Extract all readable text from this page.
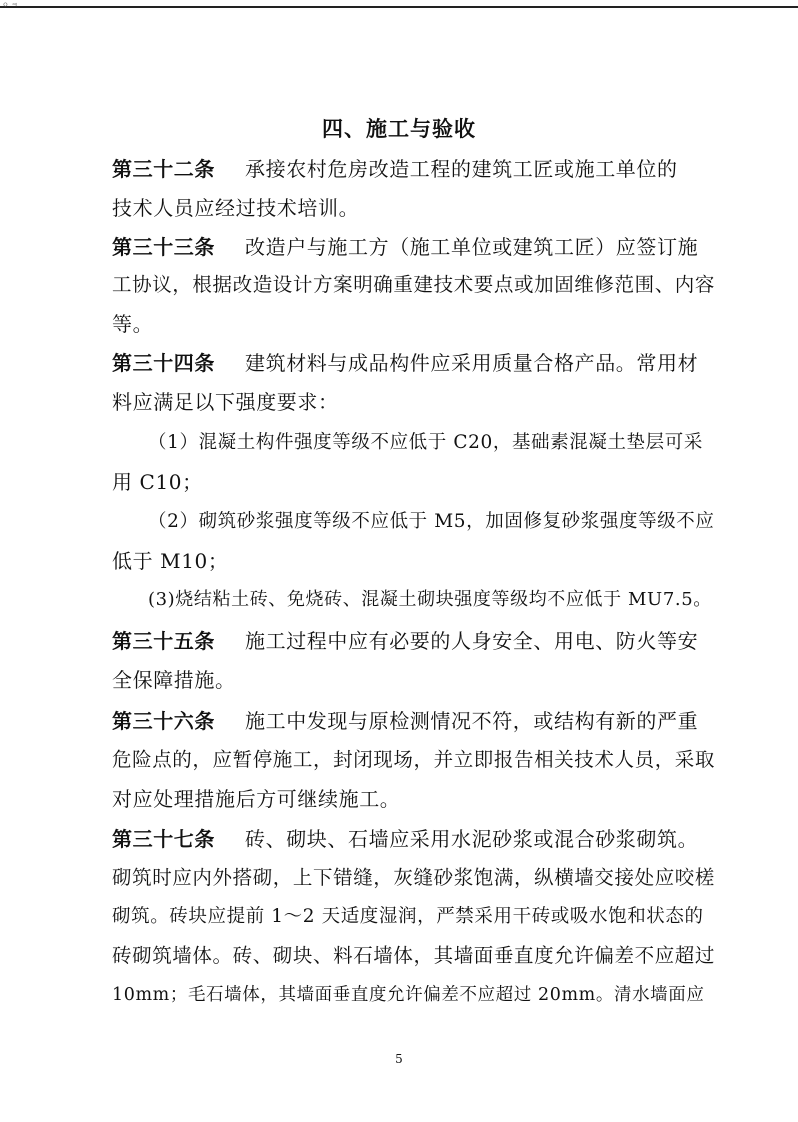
ㅇ ㅋ
四、施工与验收
第三十二条 承接农村危房改造工程的建筑工匠或施工单位的
技术人员应经过技术培训。
第三十三条 改造户与施工方（施工单位或建筑工匠）应签订施
工协议，根据改造设计方案明确重建技术要点或加固维修范围、内容
等。
第三十四条 建筑材料与成品构件应采用质量合格产品。常用材
料应满足以下强度要求：
（1）混凝土构件强度等级不应低于 C20，基础素混凝土垫层可采
用 C10；
（2）砌筑砂浆强度等级不应低于 M5，加固修复砂浆强度等级不应
低于 M10；
(3)烧结粘土砖、免烧砖、混凝土砌块强度等级均不应低于 MU7.5。
第三十五条 施工过程中应有必要的人身安全、用电、防火等安
全保障措施。
第三十六条 施工中发现与原检测情况不符，或结构有新的严重
危险点的，应暂停施工，封闭现场，并立即报告相关技术人员，采取
对应处理措施后方可继续施工。
第三十七条 砖、砌块、石墙应采用水泥砂浆或混合砂浆砌筑。
砌筑时应内外搭砌，上下错缝，灰缝砂浆饱满，纵横墙交接处应咬槎
砌筑。砖块应提前 1～2 天适度湿润，严禁采用干砖或吸水饱和状态的
砖砌筑墙体。砖、砌块、料石墙体，其墙面垂直度允许偏差不应超过
10mm；毛石墙体，其墙面垂直度允许偏差不应超过 20mm。清水墙面应
5
